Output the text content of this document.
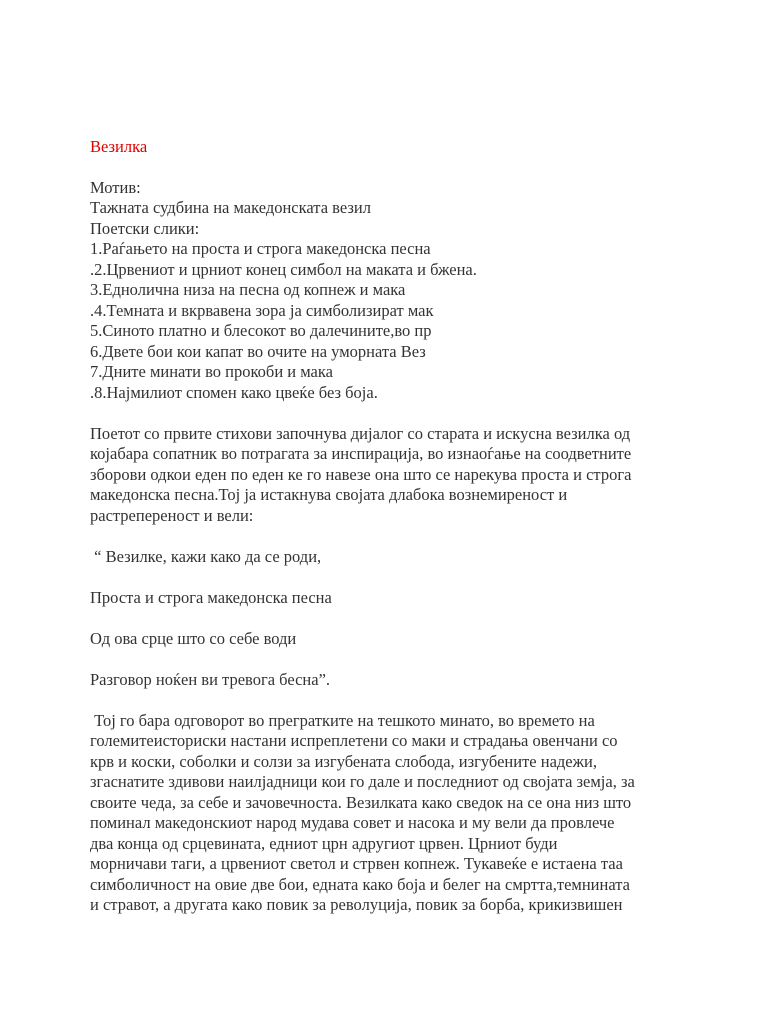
Везилка
Мотив:
Тажната судбина на македонската везил
Поетски слики:
1.Раѓањето на проста и строга македонска песна
.2.Црвениот и црниот конец симбол на маката и бжена.
3.Еднолична низа на песна од копнеж и мака
.4.Темната и вкрвавена зора ја симболизират мак
5.Синото платно и блесокот во далечините,во пр
6.Двете бои кои капат во очите на уморната Вез
7.Дните минати во прокоби и мака
.8.Најмилиот спомен како цвеќе без боја.
Поетот со првите стихови започнува дијалог со старата и искусна везилка од
којабара сопатник во потрагата за инспирација, во изнаоѓање на соодветните
зборови одкои еден по еден ке го навезе она што се нарекува проста и строга
македонска песна.Тој ја истакнува својата длабока вознемиреност и
растрепереност и вели:
“ Везилке, кажи како да се роди,
Проста и строга македонска песна
Од ова срце што со себе води
Разговор ноќен ви тревога бесна”.
Тој го бара одговорот во прегратките на тешкото минато, во времето на
големитеисториски настани испреплетени со маки и страдања овенчани со
крв и коски, соболки и солзи за изгубената слобода, изгубените надежи,
згаснатите здивови наилјадници кои го дале и последниот од својата земја, за
своите чеда, за себе и зачовечноста. Везилката како сведок на се она низ што
поминал македонскиот народ мудава совет и насока и му вели да провлече
два конца од срцевината, едниот црн адругиот црвен. Црниот буди
морничави таги, а црвениот светол и стрвен копнеж. Тукавеќе е истаена таа
симболичност на овие две бои, едната како боја и белег на смртта,темнината
и стравот, а другата како повик за револуција, повик за борба, крикизвишен
